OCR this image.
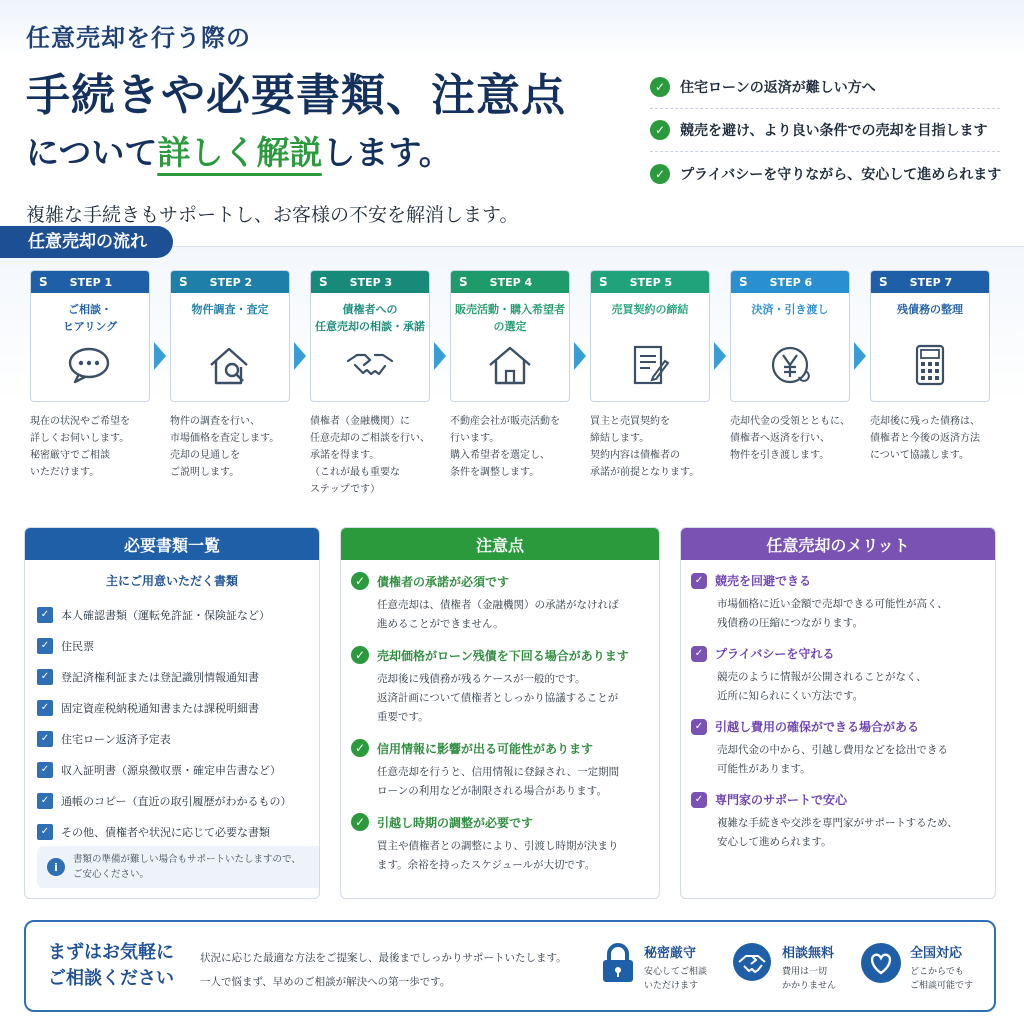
任意売却を行う際の
手続きや必要書類、注意点
について詳しく解説します。
複雑な手続きもサポートし、お客様の不安を解消します。
✓	住宅ローンの返済が難しい方へ
✓	競売を避け、より良い条件での売却を目指します
✓	プライバシーを守りながら、安心して進められます
任意売却の流れ
S STEP 1
ご相談・
ヒアリング
現在の状況やご希望を
詳しくお伺いします。
秘密厳守でご相談
いただけます。
S STEP 2
物件調査・査定
物件の調査を行い、
市場価格を査定します。
売却の見通しを
ご説明します。
S STEP 3
債権者への
任意売却の相談・承諾
債権者（金融機関）に
任意売却のご相談を行い、
承諾を得ます。
（これが最も重要な
ステップです）
S STEP 4
販売活動・購入希望者
の選定
不動産会社が販売活動を
行います。
購入希望者を選定し、
条件を調整します。
S STEP 5
売買契約の締結
買主と売買契約を
締結します。
契約内容は債権者の
承諾が前提となります。
S STEP 6
決済・引き渡し
売却代金の受領とともに、
債権者へ返済を行い、
物件を引き渡します。
S STEP 7
残債務の整理
売却後に残った債務は、
債権者と今後の返済方法
について協議します。
必要書類一覧
主にご用意いただく書類
✓	本人確認書類（運転免許証・保険証など）
✓	住民票
✓	登記済権利証または登記識別情報通知書
✓	固定資産税納税通知書または課税明細書
✓	住宅ローン返済予定表
✓	収入証明書（源泉徴収票・確定申告書など）
✓	通帳のコピー（直近の取引履歴がわかるもの）
✓	その他、債権者や状況に応じて必要な書類
i
書類の準備が難しい場合もサポートいたしますので、
ご安心ください。
注意点
✓ 債権者の承諾が必須です
任意売却は、債権者（金融機関）の承諾がなければ
進めることができません。
✓ 売却価格がローン残債を下回る場合があります
売却後に残債務が残るケースが一般的です。
返済計画について債権者としっかり協議することが
重要です。
✓ 信用情報に影響が出る可能性があります
任意売却を行うと、信用情報に登録され、一定期間
ローンの利用などが制限される場合があります。
✓ 引越し時期の調整が必要です
買主や債権者との調整により、引渡し時期が決まり
ます。余裕を持ったスケジュールが大切です。
任意売却のメリット
✓ 競売を回避できる
市場価格に近い金額で売却できる可能性が高く、
残債務の圧縮につながります。
✓ プライバシーを守れる
競売のように情報が公開されることがなく、
近所に知られにくい方法です。
✓ 引越し費用の確保ができる場合がある
売却代金の中から、引越し費用などを捻出できる
可能性があります。
✓ 専門家のサポートで安心
複雑な手続きや交渉を専門家がサポートするため、
安心して進められます。
まずはお気軽に
ご相談ください
状況に応じた最適な方法をご提案し、最後までしっかりサポートいたします。
一人で悩まず、早めのご相談が解決への第一歩です。
秘密厳守
安心してご相談
いただけます
相談無料
費用は一切
かかりません
全国対応
どこからでも
ご相談可能です
